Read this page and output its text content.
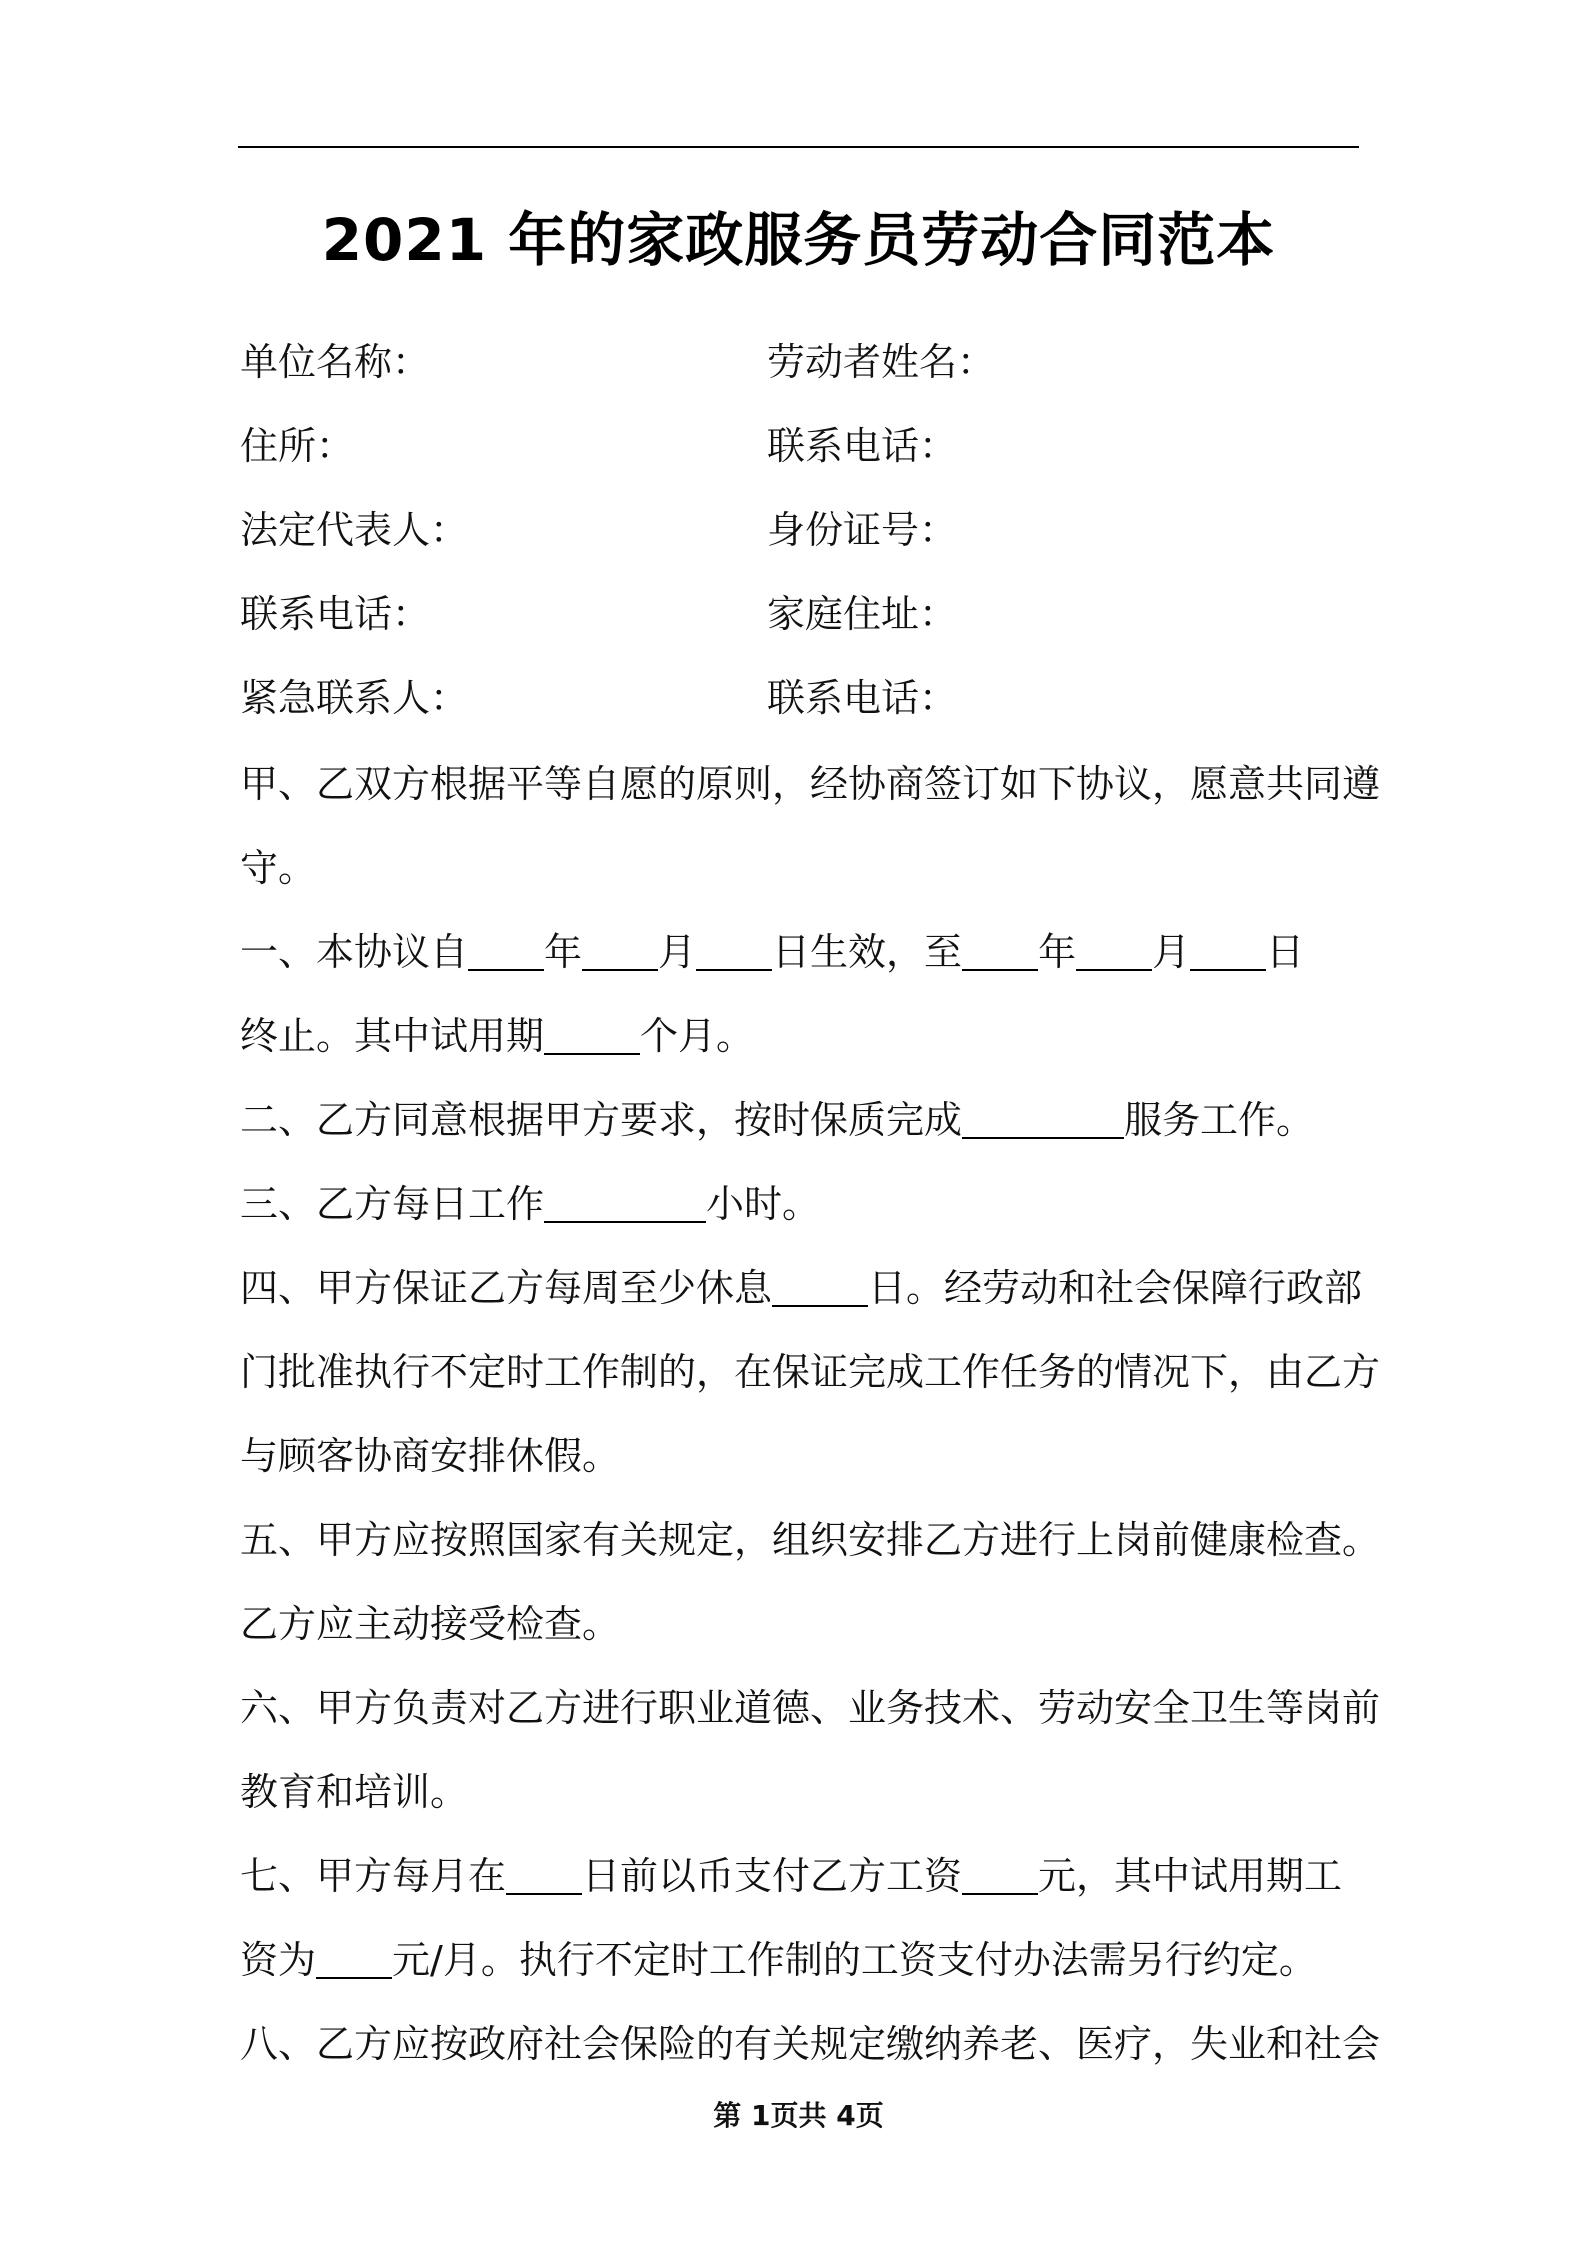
2021 年的家政服务员劳动合同范本
单位名称：	劳动者姓名：
住所：	联系电话：
法定代表人：	身份证号：
联系电话：	家庭住址：
紧急联系人：	联系电话：
甲、乙双方根据平等自愿的原则，经协商签订如下协议，愿意共同遵
守。
一、本协议自 年 月 日生效，至 年 月 日
终止。其中试用期	个月。
二、乙方同意根据甲方要求，按时保质完成	服务工作。
三、乙方每日工作	小时。
四、甲方保证乙方每周至少休息	日。经劳动和社会保障行政部
门批准执行不定时工作制的，在保证完成工作任务的情况下，由乙方
与顾客协商安排休假。
五、甲方应按照国家有关规定，组织安排乙方进行上岗前健康检查。
乙方应主动接受检查。
六、甲方负责对乙方进行职业道德、业务技术、劳动安全卫生等岗前
教育和培训。
七、甲方每月在 日前以币支付乙方工资 元，其中试用期工
资为 元/月。执行不定时工作制的工资支付办法需另行约定。
八、乙方应按政府社会保险的有关规定缴纳养老、医疗，失业和社会
第 1页共 4页
